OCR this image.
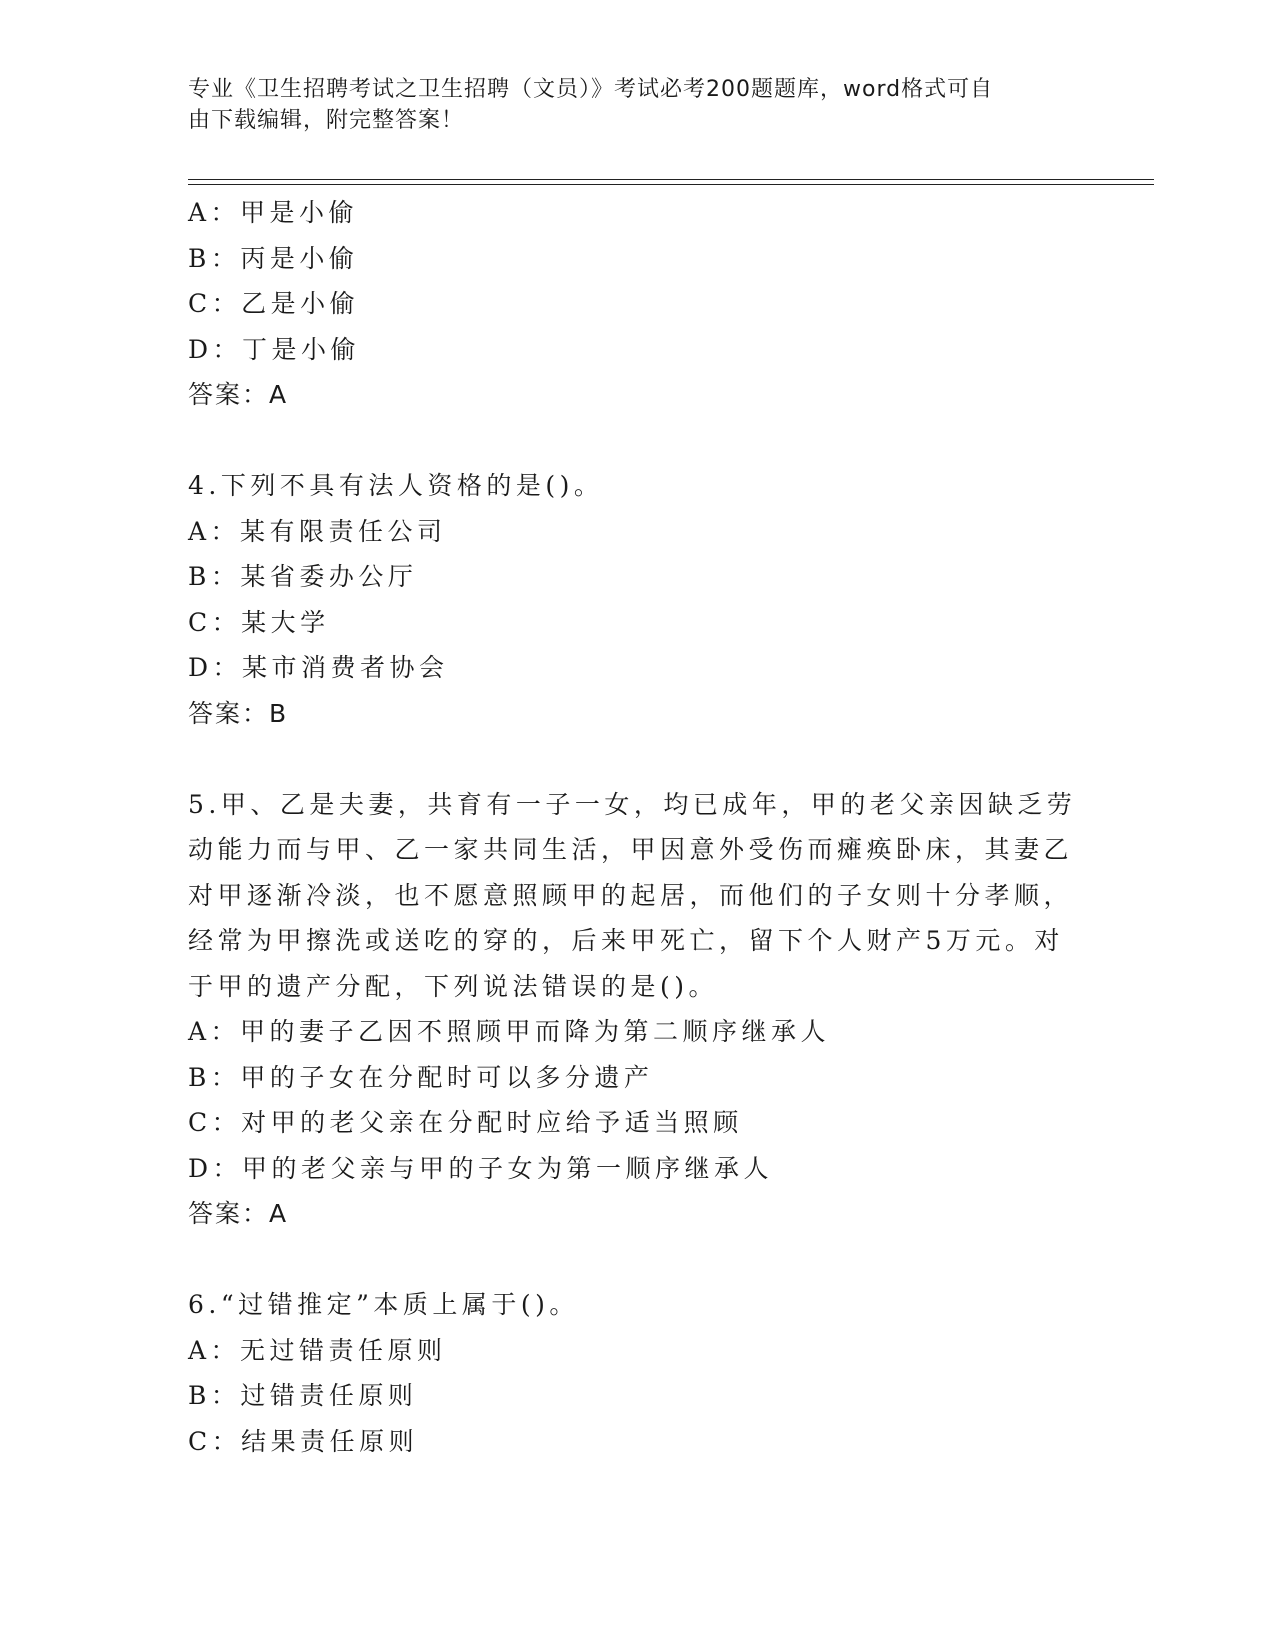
专业《卫生招聘考试之卫生招聘（文员）》考试必考200题题库，word格式可自
由下载编辑，附完整答案！
A：甲是小偷
B：丙是小偷
C：乙是小偷
D：丁是小偷
答案：A
4.下列不具有法人资格的是()。
A：某有限责任公司
B：某省委办公厅
C：某大学
D：某市消费者协会
答案：B
5.甲、乙是夫妻，共育有一子一女，均已成年，甲的老父亲因缺乏劳
动能力而与甲、乙一家共同生活，甲因意外受伤而瘫痪卧床，其妻乙
对甲逐渐冷淡，也不愿意照顾甲的起居，而他们的子女则十分孝顺，
经常为甲擦洗或送吃的穿的，后来甲死亡，留下个人财产5万元。对
于甲的遗产分配，下列说法错误的是()。
A：甲的妻子乙因不照顾甲而降为第二顺序继承人
B：甲的子女在分配时可以多分遗产
C：对甲的老父亲在分配时应给予适当照顾
D：甲的老父亲与甲的子女为第一顺序继承人
答案：A
6.“过错推定”本质上属于()。
A：无过错责任原则
B：过错责任原则
C：结果责任原则
